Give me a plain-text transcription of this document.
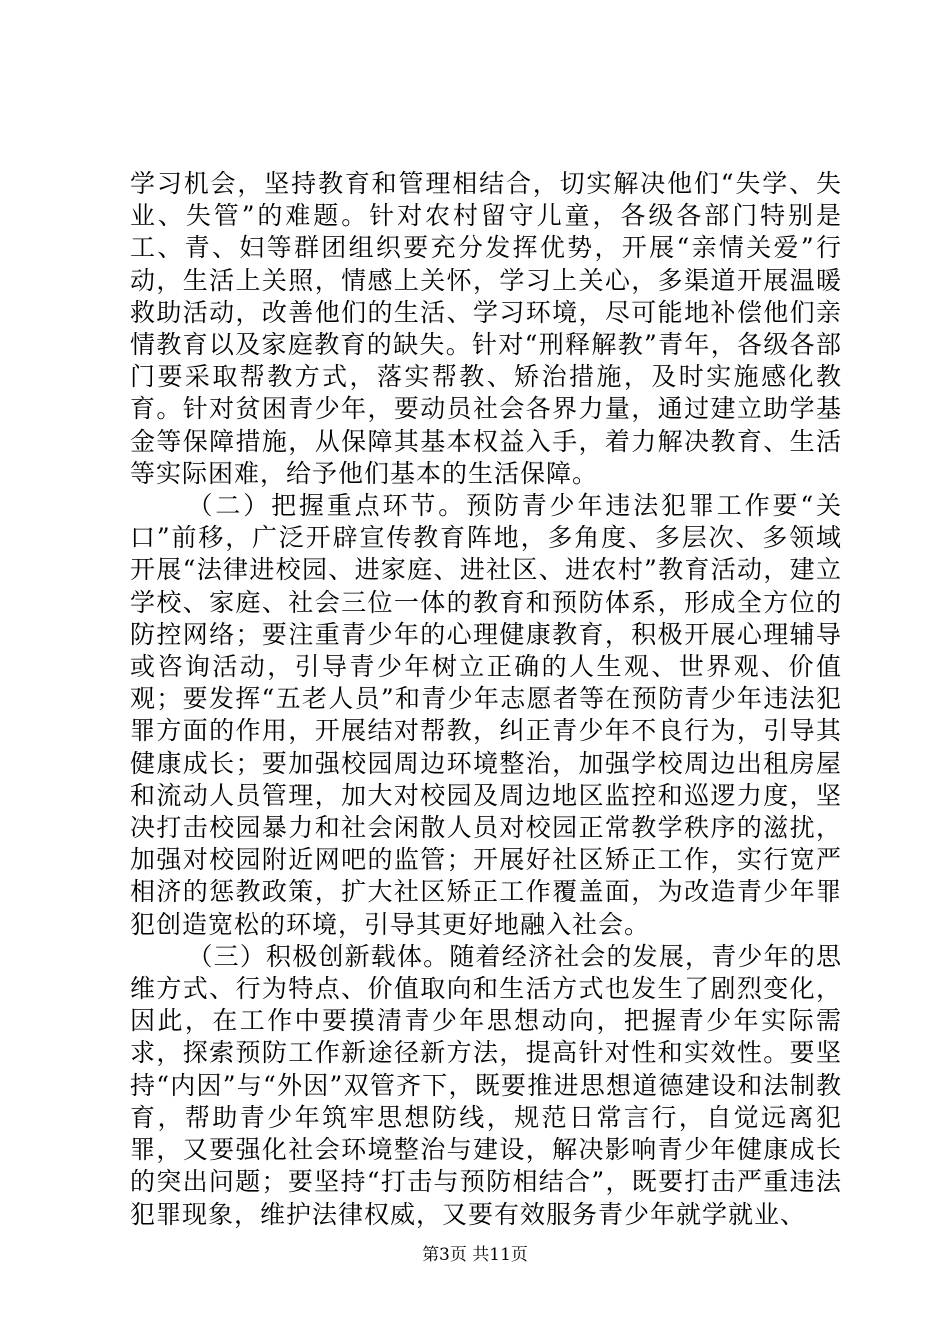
学习机会，坚持教育和管理相结合，切实解决他们“失学、失业、失管”的难题。针对农村留守儿童，各级各部门特别是工、青、妇等群团组织要充分发挥优势，开展“亲情关爱”行动，生活上关照，情感上关怀，学习上关心，多渠道开展温暖救助活动，改善他们的生活、学习环境，尽可能地补偿他们亲情教育以及家庭教育的缺失。针对“刑释解教”青年，各级各部门要采取帮教方式，落实帮教、矫治措施，及时实施感化教育。针对贫困青少年，要动员社会各界力量，通过建立助学基金等保障措施，从保障其基本权益入手，着力解决教育、生活等实际困难，给予他们基本的生活保障。

（二）把握重点环节。预防青少年违法犯罪工作要“关口”前移，广泛开辟宣传教育阵地，多角度、多层次、多领域开展“法律进校园、进家庭、进社区、进农村”教育活动，建立学校、家庭、社会三位一体的教育和预防体系，形成全方位的防控网络；要注重青少年的心理健康教育，积极开展心理辅导或咨询活动，引导青少年树立正确的人生观、世界观、价值观；要发挥“五老人员”和青少年志愿者等在预防青少年违法犯罪方面的作用，开展结对帮教，纠正青少年不良行为，引导其健康成长；要加强校园周边环境整治，加强学校周边出租房屋和流动人员管理，加大对校园及周边地区监控和巡逻力度，坚决打击校园暴力和社会闲散人员对校园正常教学秩序的滋扰，加强对校园附近网吧的监管；开展好社区矫正工作，实行宽严相济的惩教政策，扩大社区矫正工作覆盖面，为改造青少年罪犯创造宽松的环境，引导其更好地融入社会。

（三）积极创新载体。随着经济社会的发展，青少年的思维方式、行为特点、价值取向和生活方式也发生了剧烈变化，因此，在工作中要摸清青少年思想动向，把握青少年实际需求，探索预防工作新途径新方法，提高针对性和实效性。要坚持“内因”与“外因”双管齐下，既要推进思想道德建设和法制教育，帮助青少年筑牢思想防线，规范日常言行，自觉远离犯罪，又要强化社会环境整治与建设，解决影响青少年健康成长的突出问题；要坚持“打击与预防相结合”，既要打击严重违法犯罪现象，维护法律权威，又要有效服务青少年就学就业、

第3页 共11页
